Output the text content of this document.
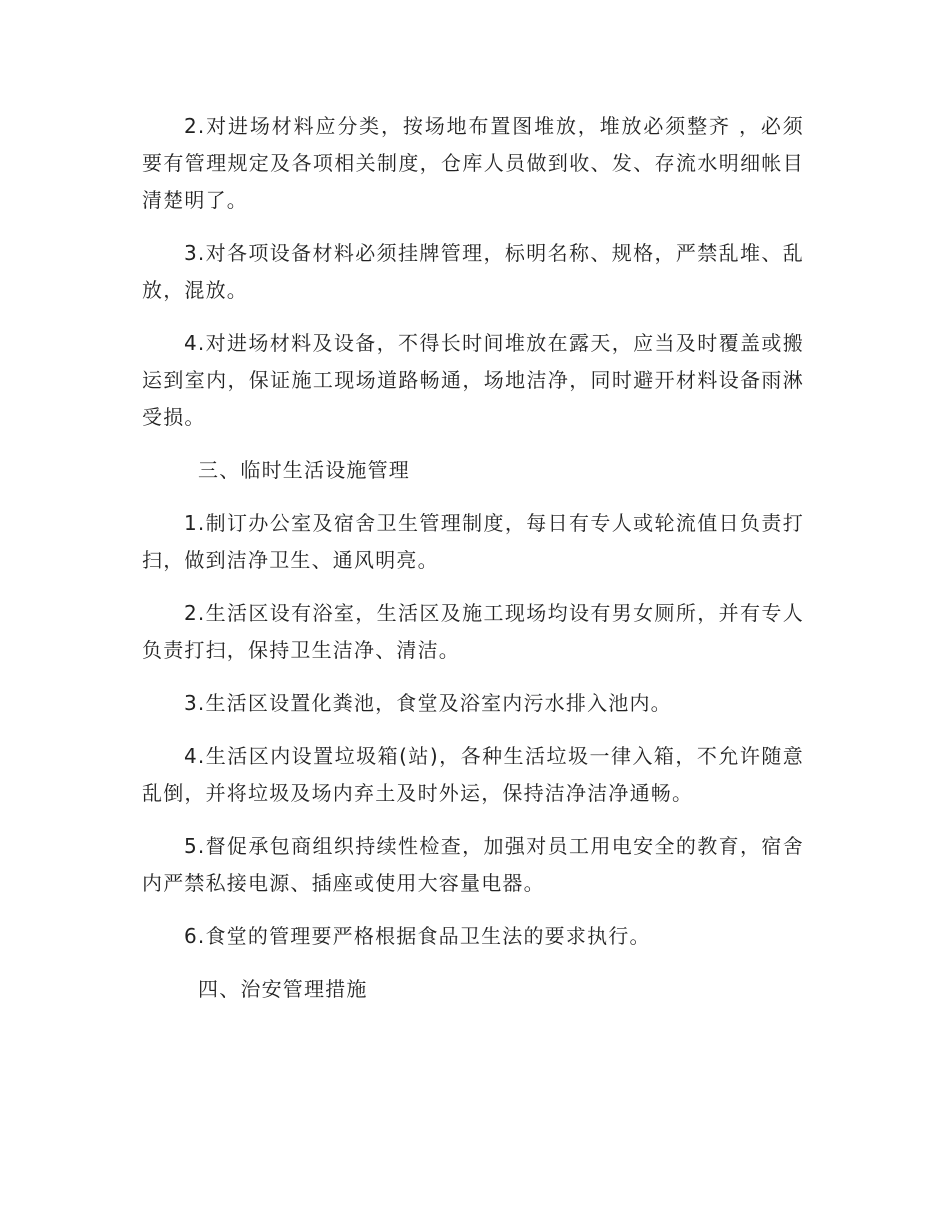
2.对进场材料应分类，按场地布置图堆放，堆放必须整齐 ，必须要有管理规定及各项相关制度，仓库人员做到收、发、存流水明细帐目清楚明了。

3.对各项设备材料必须挂牌管理，标明名称、规格，严禁乱堆、乱放，混放。

4.对进场材料及设备，不得长时间堆放在露天，应当及时覆盖或搬运到室内，保证施工现场道路畅通，场地洁净，同时避开材料设备雨淋受损。

三、临时生活设施管理

1.制订办公室及宿舍卫生管理制度，每日有专人或轮流值日负责打扫，做到洁净卫生、通风明亮。

2.生活区设有浴室，生活区及施工现场均设有男女厕所，并有专人负责打扫，保持卫生洁净、清洁。

3.生活区设置化粪池，食堂及浴室内污水排入池内。

4.生活区内设置垃圾箱(站)，各种生活垃圾一律入箱，不允许随意乱倒，并将垃圾及场内弃土及时外运，保持洁净洁净通畅。

5.督促承包商组织持续性检查，加强对员工用电安全的教育，宿舍内严禁私接电源、插座或使用大容量电器。

6.食堂的管理要严格根据食品卫生法的要求执行。

四、治安管理措施
